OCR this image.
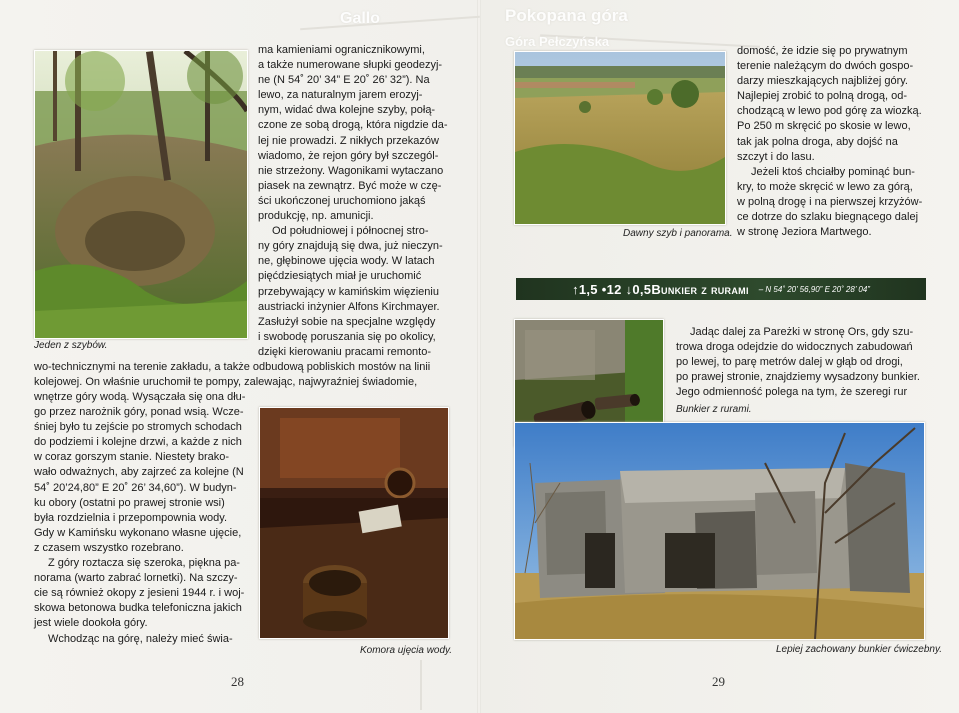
Gallo	Pokopana góra
Góra Pełczyńska
Jeden z szybów.

ma kamieniami ogranicznikowymi,

a także numerowane słupki geodezyj-

ne (N 54˚ 20’ 34” E 20˚ 26’ 32”). Na

lewo, za naturalnym jarem erozyj-

nym, widać dwa kolejne szyby, połą-

czone ze sobą drogą, która nigdzie da-

lej nie prowadzi. Z nikłych przekazów

wiadomo, że rejon góry był szczegól-

nie strzeżony. Wagonikami wytaczano

piasek na zewnątrz. Być może w czę-

ści ukończonej uruchomiono jakąś

produkcję, np. amunicji.

Od południowej i północnej stro-

ny góry znajdują się dwa, już nieczyn-

ne, głębinowe ujęcia wody. W latach

pięćdziesiątych miał je uruchomić

przebywający w kamińskim więzieniu

austriacki inżynier Alfons Kirchmayer.

Zasłużył sobie na specjalne względy

i swobodę poruszania się po okolicy,

dzięki kierowaniu pracami remonto-

wo-technicznymi na terenie zakładu, a także odbudową pobliskich mostów na linii

kolejowej. On właśnie uruchomił te pompy, zalewając, najwyraźniej świadomie,

wnętrze góry wodą. Wysączała się ona dłu-

go przez narożnik góry, ponad wsią. Wcze-

śniej było tu zejście po stromych schodach

do podziemi i kolejne drzwi, a każde z nich

w coraz gorszym stanie. Niestety brako-

wało odważnych, aby zajrzeć za kolejne (N

54˚ 20’24,80” E 20˚ 26’ 34,60”). W budyn-

ku obory (ostatni po prawej stronie wsi)

była rozdzielnia i przepompownia wody.

Gdy w Kamińsku wykonano własne ujęcie,

z czasem wszystko rozebrano.

Z góry roztacza się szeroka, piękna pa-

norama (warto zabrać lornetki). Na szczy-

cie są również okopy z jesieni 1944 r. i woj-

skowa betonowa budka telefoniczna jakich

jest wiele dookoła góry.

Wchodząc na górę, należy mieć świa-

Komora ujęcia wody.
28
Dawny szyb i panorama.

domość, że idzie się po prywatnym

terenie należącym do dwóch gospo-

darzy mieszkających najbliżej góry.

Najlepiej zrobić to polną drogą, od-

chodzącą w lewo pod górę za wiozką.

Po 250 m skręcić po skosie w lewo,

tak jak polna droga, aby dojść na

szczyt i do lasu.

Jeżeli ktoś chciałby pominąć bun-

kry, to może skręcić w lewo za górą,

w polną drogę i na pierwszej krzyżów-

ce dotrze do szlaku biegnącego dalej

w stronę Jeziora Martwego.

↑1,5 •12 ↓0,5 Bunkier z rurami – N 54˚ 20’ 56,90” E 20˚ 28’ 04”

Jadąc dalej za Pareżki w stronę Ors, gdy szu-

trowa droga odejdzie do widocznych zabudowań

po lewej, to parę metrów dalej w głąb od drogi,

po prawej stronie, znajdziemy wysadzony bunkier.

Jego odmienność polega na tym, że szeregi rur

Bunkier z rurami.
Lepiej zachowany bunkier ćwiczebny.
29
